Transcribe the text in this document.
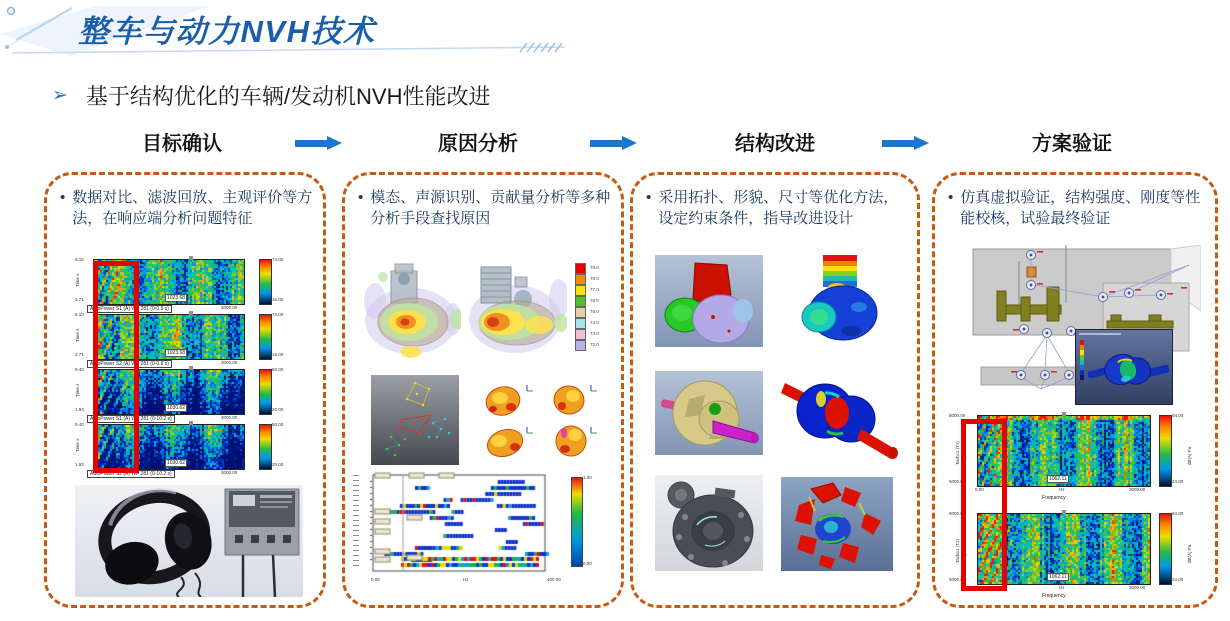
整车与动力NVH技术
➢ 基于结构优化的车辆/发动机NVH性能改进
目标确认	原因分析	结构改进	方案验证
• 数据对比、滤波回放、主观评价等方法，在响应端分析问题特征
6.10
Time s
3.71	1023.68
73.00
16.00
AutoPower S1 (A) WF 281 (0-0.6 s)	3000.00
6.10
Time s
3.71	1023.68
73.00
16.00
AutoPower S2 (A) WF 281 (0-0.6 s)	3000.00
9.40
Time s
1.93	1030.62
50.00
20.00
AutoPower S1 (A) WF 281 (0-10.2 s)	3000.00
9.40
Time s
1.93	1030.62
50.00
20.00
AutoPower S2 (A) WF 281 (0-10.2 s)	3000.00
• 模态、声源识别、贡献量分析等多种分析手段查找原因
79.0
78.0
77.0
76.0
75.0
74.0
73.0
72.0
1.00
0.00
0.00	Hz	400.00
• 采用拓扑、形貌、尺寸等优化方法，设定约束条件，指导改进设计
• 仿真虚拟验证，结构强度、刚度等性能校核，试验最终验证
8000.00
Tacho1 (T1) rpm
5000.00	1062.11
94.00
24.00
dB(A) Pa
0.00	Hz	3000.00
Frequency
8000.00
Tacho1 (T1) rpm
5000.00	1062.11
94.00
24.00
dB(A) Pa
0.00	Hz	3000.00
Frequency
